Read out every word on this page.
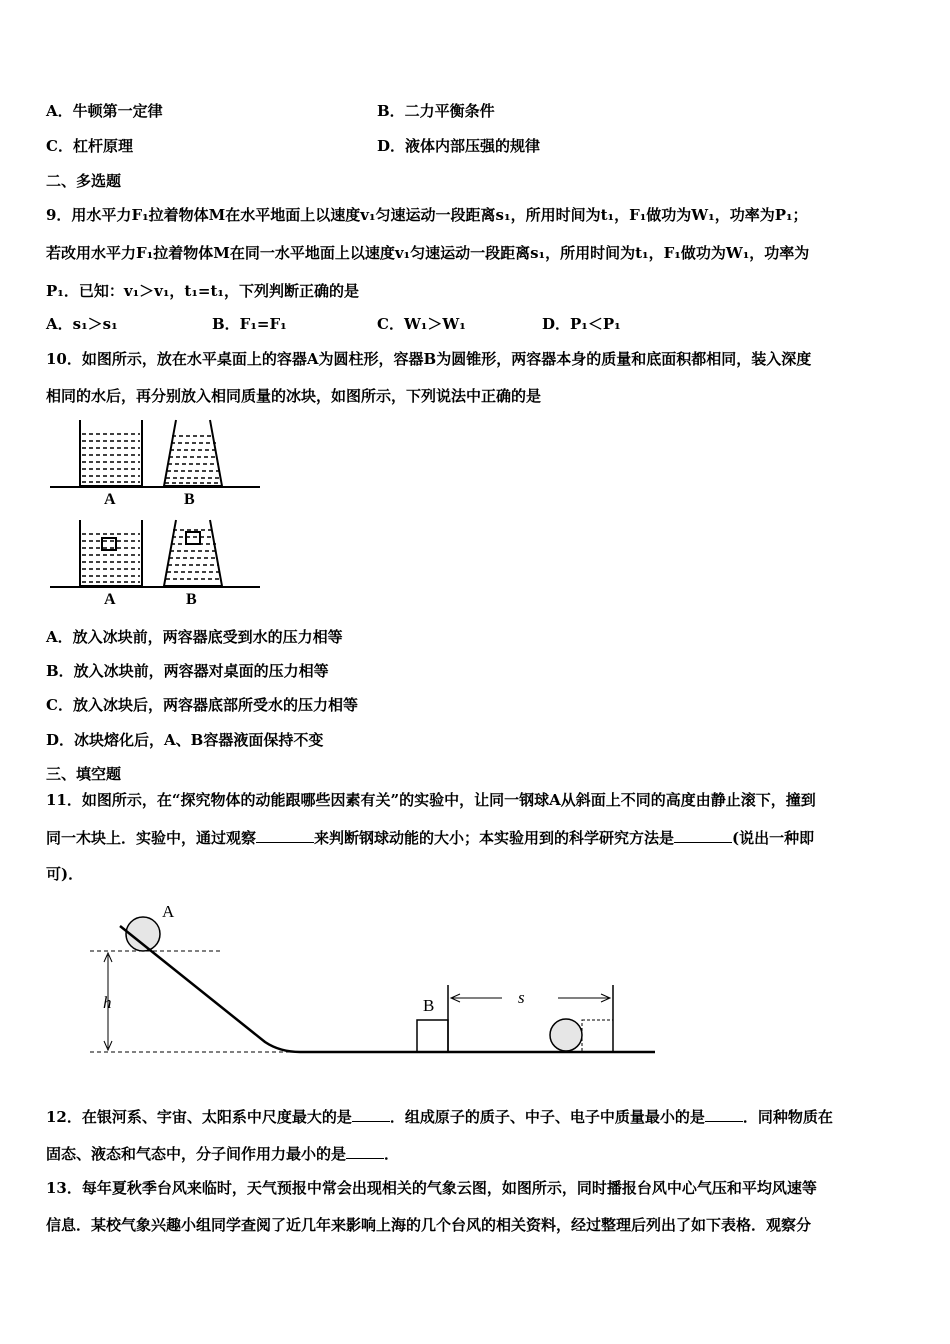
A．牛顿第一定律	B．二力平衡条件
C．杠杆原理	D．液体内部压强的规律
二、多选题
9．用水平力F₁拉着物体M在水平地面上以速度v₁匀速运动一段距离s₁，所用时间为t₁，F₁做功为W₁，功率为P₁；
若改用水平力F₁拉着物体M在同一水平地面上以速度v₁匀速运动一段距离s₁，所用时间为t₁，F₁做功为W₁，功率为
P₁．已知：v₁＞v₁，t₁=t₁，下列判断正确的是
A．s₁＞s₁	B．F₁=F₁	C．W₁＞W₁	D．P₁＜P₁
10．如图所示，放在水平桌面上的容器A为圆柱形，容器B为圆锥形，两容器本身的质量和底面积都相同，装入深度
相同的水后，再分别放入相同质量的冰块，如图所示，下列说法中正确的是
A	B
A	B
A．放入冰块前，两容器底受到水的压力相等
B．放入冰块前，两容器对桌面的压力相等
C．放入冰块后，两容器底部所受水的压力相等
D．冰块熔化后，A、B容器液面保持不变
三、填空题
11．如图所示，在“探究物体的动能跟哪些因素有关”的实验中，让同一钢球A从斜面上不同的高度由静止滚下，撞到
同一木块上．实验中，通过观察	来判断钢球动能的大小；本实验用到的科学研究方法是	(说出一种即
可)．
A
h	B	s
12．在银河系、宇宙、太阳系中尺度最大的是	．组成原子的质子、中子、电子中质量最小的是	．同种物质在
固态、液态和气态中，分子间作用力最小的是	．
13．每年夏秋季台风来临时，天气预报中常会出现相关的气象云图，如图所示，同时播报台风中心气压和平均风速等
信息．某校气象兴趣小组同学查阅了近几年来影响上海的几个台风的相关资料，经过整理后列出了如下表格．观察分
